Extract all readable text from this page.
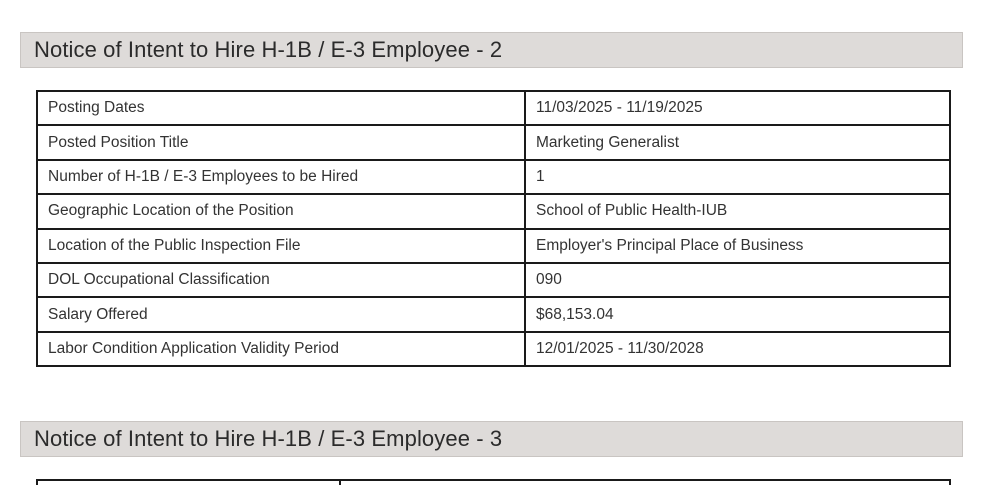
Notice of Intent to Hire H-1B / E-3 Employee - 2
Posting Dates	11/03/2025 - 11/19/2025
Posted Position Title	Marketing Generalist
Number of H-1B / E-3 Employees to be Hired	1
Geographic Location of the Position	School of Public Health-IUB
Location of the Public Inspection File	Employer's Principal Place of Business
DOL Occupational Classification	090
Salary Offered	$68,153.04
Labor Condition Application Validity Period	12/01/2025 - 11/30/2028
Notice of Intent to Hire H-1B / E-3 Employee - 3
